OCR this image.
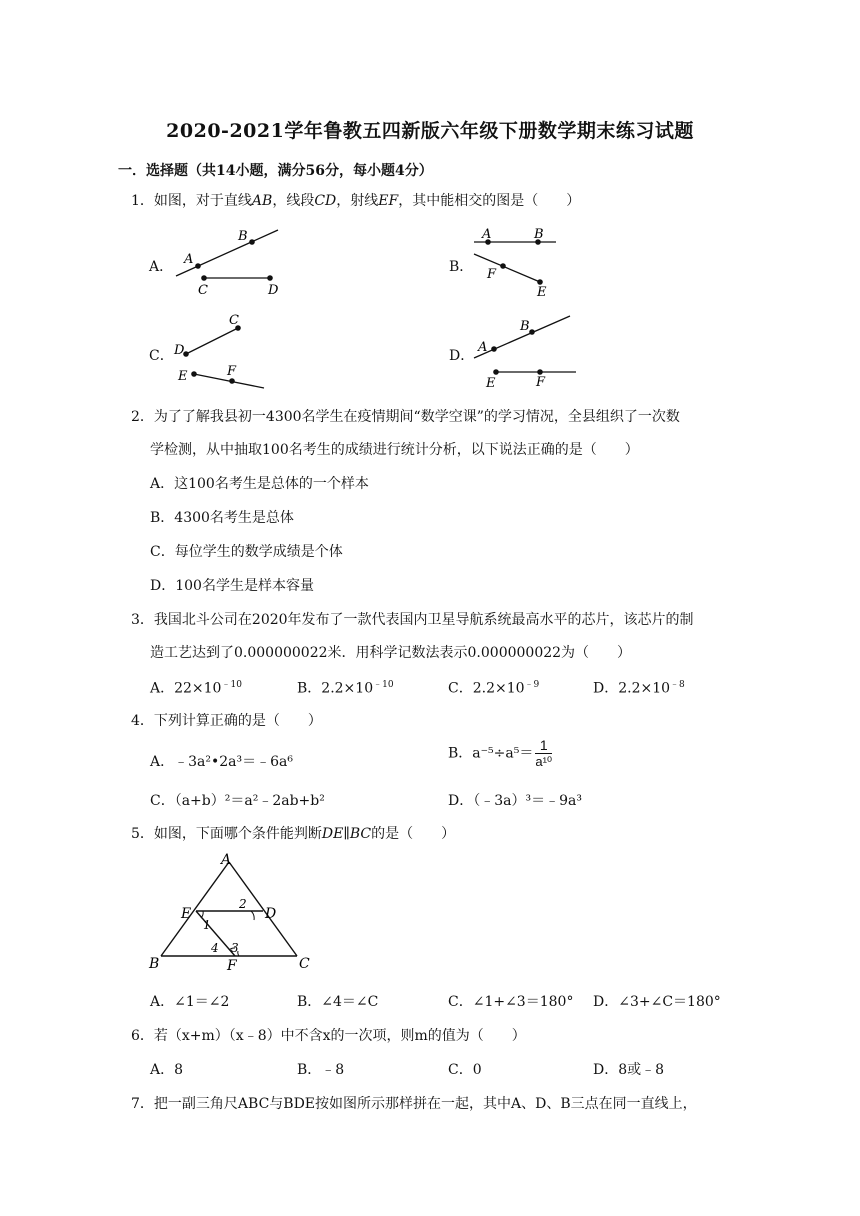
2020-2021学年鲁教五四新版六年级下册数学期末练习试题
一．选择题（共14小题，满分56分，每小题4分）
1．如图，对于直线AB，线段CD，射线EF，其中能相交的图是（　　）
A． A
B
C	D
B．
A	B
F
E
C．
C
D
E	F
D．
A
B
E	F
2．为了了解我县初一4300名学生在疫情期间“数学空课”的学习情况，全县组织了一次数
学检测，从中抽取100名考生的成绩进行统计分析，以下说法正确的是（　　）
A．这100名考生是总体的一个样本
B．4300名考生是总体
C．每位学生的数学成绩是个体
D．100名学生是样本容量
3．我国北斗公司在2020年发布了一款代表国内卫星导航系统最高水平的芯片，该芯片的制
造工艺达到了0.000000022米．用科学记数法表示0.000000022为（　　）
A．$22\times 10^{﹣10}$	B．$2.2\times 10^{﹣10}$	C．$2.2\times 10^{﹣9}$	D．$2.2\times 10^{﹣8}$
4．下列计算正确的是（　　）
A．﹣3a²•2a³＝﹣6a⁶
B．$a^{-5}\div a^5= \frac{1}{\text{a¹⁰}}$
C．（a+b）²＝a²﹣2ab+b²	D．（﹣3a）³＝﹣9a³
5．如图，下面哪个条件能判断DE∥BC的是（　　）
A
E	D
B	F	C
1
2
3
4
A．∠1＝∠2	B．∠4＝∠C	C．∠1+∠3＝180° D．∠3+∠C＝180°
6．若（x+m）（x﹣8）中不含x的一次项，则m的值为（　　）
A．8	B．﹣8	C．0	D．8或﹣8
7．把一副三角尺ABC与BDE按如图所示那样拼在一起，其中A、D、B三点在同一直线上，
